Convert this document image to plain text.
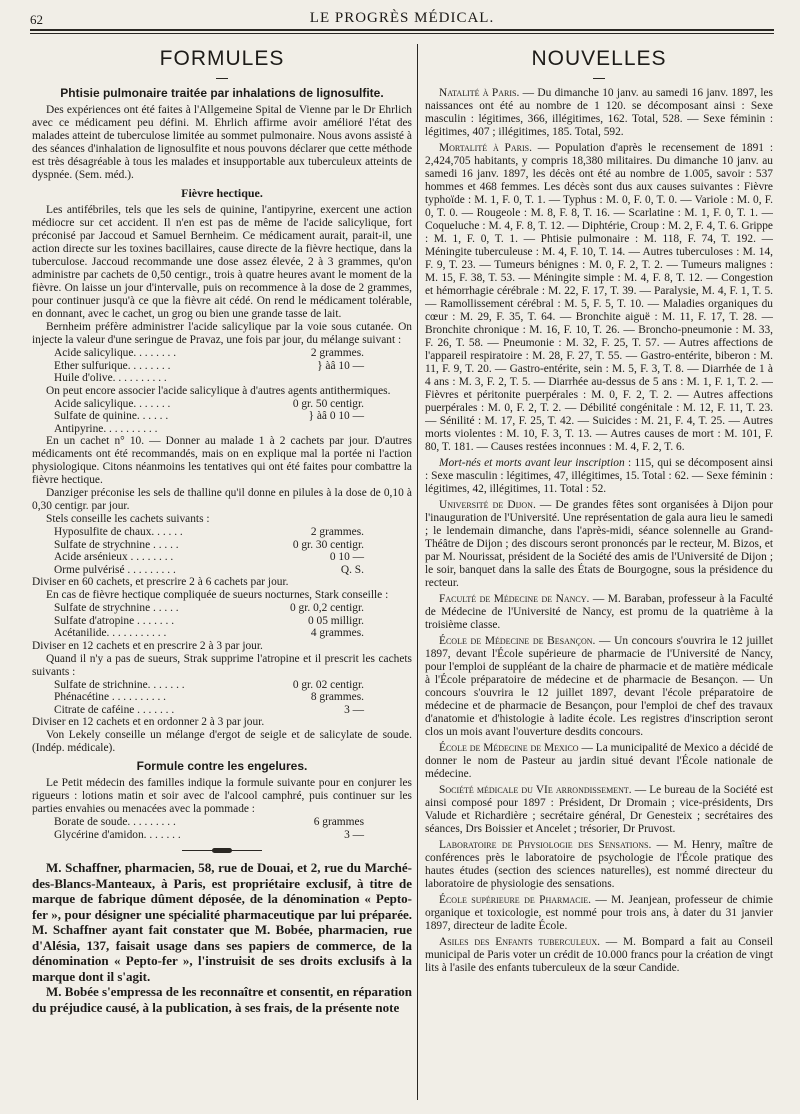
62	LE PROGRÈS MÉDICAL.
FORMULES
Phtisie pulmonaire traitée par inhalations de lignosulfite.

Des expériences ont été faites à l'Allgemeine Spital de Vienne par le Dr Ehrlich avec ce médicament peu défini. M. Ehrlich affirme avoir amélioré l'état des malades atteint de tuberculose limitée au sommet pulmonaire. Nous avons assisté à des séances d'inhalation de lignosulfite et nous pouvons déclarer que cette méthode est très désagréable à tous les malades et insupportable aux tuberculeux atteints de dyspnée. (Sem. méd.).

Fièvre hectique.

Les antifébriles, tels que les sels de quinine, l'antipyrine, exercent une action médiocre sur cet accident. Il n'en est pas de même de l'acide salicylique, fort préconisé par Jaccoud et Samuel Bernheim. Ce médicament aurait, parait-il, une action directe sur les toxines bacillaires, cause directe de la fièvre hectique, dans la tuberculose. Jaccoud recommande une dose assez élevée, 2 à 3 grammes, qu'on administre par cachets de 0,50 centigr., trois à quatre heures avant le moment de la fièvre. On laisse un jour d'intervalle, puis on recommence à la dose de 2 grammes, pour continuer jusqu'à ce que la fièvre ait cédé. On rend le médicament tolérable, en donnant, avec le cachet, un grog ou bien une grande tasse de lait.

Bernheim préfère administrer l'acide salicylique par la voie sous cutanée. On injecte la valeur d'une seringue de Pravaz, une fois par jour, du mélange suivant :

Acide salicylique. . . . . . . .	2 grammes.
Ether sulfurique. . . . . . . .	} àâ 10 —
Huile d'olive. . . . . . . . . .	

On peut encore associer l'acide salicylique à d'autres agents antithermiques.

Acide salicylique. . . . . . .	0 gr. 50 centigr.
Sulfate de quinine. . . . . .	} àâ 0 10 —
Antipyrine. . . . . . . . . .	

En un cachet n° 10. — Donner au malade 1 à 2 cachets par jour. D'autres médicaments ont été recommandés, mais on en explique mal la portée ni l'action physiologique. Citons néanmoins les tentatives qui ont été faites pour combattre la fièvre hectique.

Danziger préconise les sels de thalline qu'il donne en pilules à la dose de 0,10 à 0,30 centigr. par jour.

Stels conseille les cachets suivants :

Hyposulfite de chaux. . . . . .	2 grammes.
Sulfate de strychnine . . . . .	0 gr. 30 centigr.
Acide arsénieux . . . . . . . .	0 10 —
Orme pulvérisé . . . . . . . . .	Q. S.

Diviser en 60 cachets, et prescrire 2 à 6 cachets par jour.

En cas de fièvre hectique compliquée de sueurs nocturnes, Stark conseille :

Sulfate de strychnine . . . . .	0 gr. 0,2 centigr.
Sulfate d'atropine . . . . . . .	0 05 milligr.
Acétanilide. . . . . . . . . . .	4 grammes.

Diviser en 12 cachets et en prescrire 2 à 3 par jour.

Quand il n'y a pas de sueurs, Strak supprime l'atropine et il prescrit les cachets suivants :

Sulfate de strichnine. . . . . . .	0 gr. 02 centigr.
Phénacétine . . . . . . . . . .	8 grammes.
Citrate de caféine . . . . . . .	3 —

Diviser en 12 cachets et en ordonner 2 à 3 par jour.

Von Lekely conseille un mélange d'ergot de seigle et de salicylate de soude. (Indép. médicale).

Formule contre les engelures.

Le Petit médecin des familles indique la formule suivante pour en conjurer les rigueurs : lotions matin et soir avec de l'alcool camphré, puis continuer sur les parties envahies ou menacées avec la pommade :

Borate de soude. . . . . . . . .	6 grammes
Glycérine d'amidon. . . . . . .	3 —

M. Schaffner, pharmacien, 58, rue de Douai, et 2, rue du Marché-des-Blancs-Manteaux, à Paris, est propriétaire exclusif, à titre de marque de fabrique dûment déposée, de la dénomination « Pepto-fer », pour désigner une spécialité pharmaceutique par lui préparée. M. Schaffner ayant fait constater que M. Bobée, pharmacien, rue d'Alésia, 137, faisait usage dans ses papiers de commerce, de la dénomination « Pepto-fer », l'instruisit de ses droits exclusifs à la marque dont il s'agit.

M. Bobée s'empressa de les reconnaître et consentit, en réparation du préjudice causé, à la publication, à ses frais, de la présente note

NOUVELLES

Natalité à Paris. — Du dimanche 10 janv. au samedi 16 janv. 1897, les naissances ont été au nombre de 1 120. se décomposant ainsi : Sexe masculin : légitimes, 366, illégitimes, 162. Total, 528. — Sexe féminin : légitimes, 407 ; illégitimes, 185. Total, 592.

Mortalité à Paris. — Population d'après le recensement de 1891 : 2,424,705 habitants, y compris 18,380 militaires. Du dimanche 10 janv. au samedi 16 janv. 1897, les décès ont été au nombre de 1.005, savoir : 537 hommes et 468 femmes. Les décès sont dus aux causes suivantes : Fièvre typhoïde : M. 1, F. 0, T. 1. — Typhus : M. 0, F. 0, T. 0. — Variole : M. 0, F. 0, T. 0. — Rougeole : M. 8, F. 8, T. 16. — Scarlatine : M. 1, F. 0, T. 1. — Coqueluche : M. 4, F. 8, T. 12. — Diphtérie, Croup : M. 2, F. 4, T. 6. Grippe : M. 1, F. 0, T. 1. — Phtisie pulmonaire : M. 118, F. 74, T. 192. — Méningite tuberculeuse : M. 4, F. 10, T. 14. — Autres tuberculoses : M. 14, F. 9, T. 23. — Tumeurs bénignes : M. 0, F. 2, T. 2. — Tumeurs malignes : M. 15, F. 38, T. 53. — Méningite simple : M. 4, F. 8, T. 12. — Congestion et hémorrhagie cérébrale : M. 22, F. 17, T. 39. — Paralysie, M. 4, F. 1, T. 5. — Ramollissement cérébral : M. 5, F. 5, T. 10. — Maladies organiques du cœur : M. 29, F. 35, T. 64. — Bronchite aiguë : M. 11, F. 17, T. 28. — Bronchite chronique : M. 16, F. 10, T. 26. — Broncho-pneumonie : M. 33, F. 26, T. 58. — Pneumonie : M. 32, F. 25, T. 57. — Autres affections de l'appareil respiratoire : M. 28, F. 27, T. 55. — Gastro-entérite, biberon : M. 11, F. 9, T. 20. — Gastro-entérite, sein : M. 5, F. 3, T. 8. — Diarrhée de 1 à 4 ans : M. 3, F. 2, T. 5. — Diarrhée au-dessus de 5 ans : M. 1, F. 1, T. 2. — Fièvres et péritonite puerpérales : M. 0, F. 2, T. 2. — Autres affections puerpérales : M. 0, F. 2, T. 2. — Débilité congénitale : M. 12, F. 11, T. 23. — Sénilité : M. 17, F. 25, T. 42. — Suicides : M. 21, F. 4, T. 25. — Autres morts violentes : M. 10, F. 3, T. 13. — Autres causes de mort : M. 101, F. 80, T. 181. — Causes restées inconnues : M. 4, F. 2, T. 6.

Mort-nés et morts avant leur inscription : 115, qui se décomposent ainsi : Sexe masculin : légitimes, 47, illégitimes, 15. Total : 62. — Sexe féminin : légitimes, 42, illégitimes, 11. Total : 52.

Université de Dijon. — De grandes fêtes sont organisées à Dijon pour l'inauguration de l'Université. Une représentation de gala aura lieu le samedi ; le lendemain dimanche, dans l'après-midi, séance solennelle au Grand-Théâtre de Dijon ; des discours seront prononcés par le recteur, M. Bizos, et par M. Nourissat, président de la Société des amis de l'Université de Dijon ; le soir, banquet dans la salle des États de Bourgogne, sous la présidence du recteur.

Faculté de Médecine de Nancy. — M. Baraban, professeur à la Faculté de Médecine de l'Université de Nancy, est promu de la quatrième à la troisième classe.

École de Médecine de Besançon. — Un concours s'ouvrira le 12 juillet 1897, devant l'École supérieure de pharmacie de l'Université de Nancy, pour l'emploi de suppléant de la chaire de pharmacie et de matière médicale à l'École préparatoire de médecine et de pharmacie de Besançon. — Un concours s'ouvrira le 12 juillet 1897, devant l'école préparatoire de médecine et de pharmacie de Besançon, pour l'emploi de chef des travaux d'anatomie et d'histologie à ladite école. Les registres d'inscription seront clos un mois avant l'ouverture desdits concours.

École de Médecine de Mexico — La municipalité de Mexico a décidé de donner le nom de Pasteur au jardin situé devant l'École nationale de médecine.

Société médicale du VIe arrondissement. — Le bureau de la Société est ainsi composé pour 1897 : Président, Dr Dromain ; vice-présidents, Drs Valude et Richardière ; secrétaire général, Dr Genesteix ; secrétaires des séances, Drs Boissier et Ancelet ; trésorier, Dr Pruvost.

Laboratoire de Physiologie des Sensations. — M. Henry, maître de conférences près le laboratoire de psychologie de l'École pratique des hautes études (section des sciences naturelles), est nommé directeur du laboratoire de physiologie des sensations.

École supérieure de Pharmacie. — M. Jeanjean, professeur de chimie organique et toxicologie, est nommé pour trois ans, à dater du 31 janvier 1897, directeur de ladite École.

Asiles des Enfants tuberculeux. — M. Bompard a fait au Conseil municipal de Paris voter un crédit de 10.000 francs pour la création de vingt lits à l'asile des enfants tuberculeux de la sœur Candide.
